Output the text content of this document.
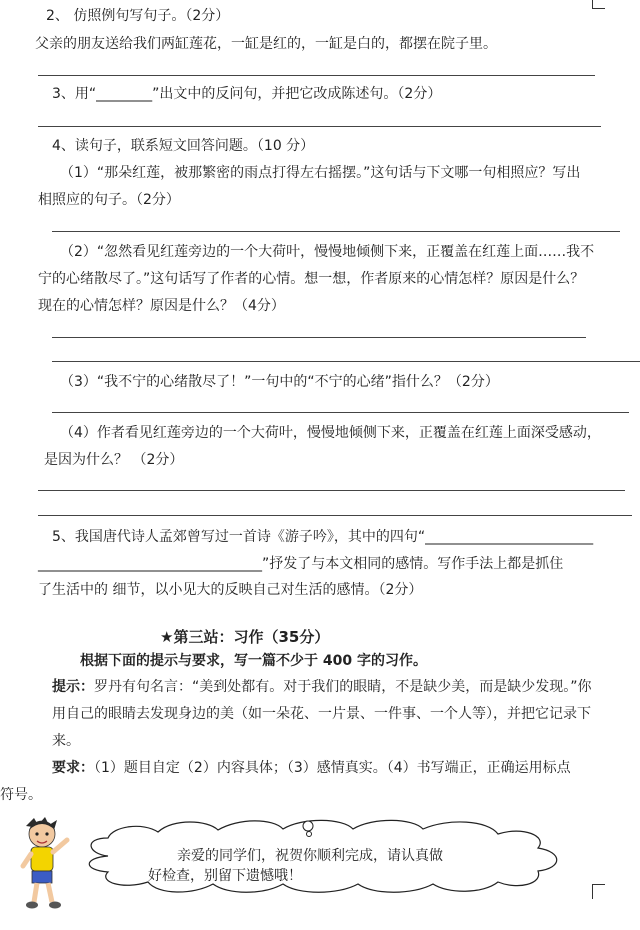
2、 仿照例句写句子。（2分）
父亲的朋友送给我们两缸莲花，一缸是红的，一缸是白的，都摆在院子里。
3、用“________”出文中的反问句，并把它改成陈述句。（2分）
4、读句子，联系短文回答问题。（10 分）
（1）“那朵红莲，被那繁密的雨点打得左右摇摆。”这句话与下文哪一句相照应？写出
相照应的句子。（2分）
（2）“忽然看见红莲旁边的一个大荷叶，慢慢地倾侧下来，正覆盖在红莲上面……我不
宁的心绪散尽了。”这句话写了作者的心情。想一想，作者原来的心情怎样？原因是什么？
现在的心情怎样？原因是什么？（4分）
（3）“我不宁的心绪散尽了！”一句中的“不宁的心绪”指什么？（2分）
（4）作者看见红莲旁边的一个大荷叶，慢慢地倾侧下来，正覆盖在红莲上面深受感动，
是因为什么？ （2分）
5、我国唐代诗人孟郊曾写过一首诗《游子吟》，其中的四句“________________________
________________________________”抒发了与本文相同的感情。写作手法上都是抓住
了生活中的 细节，以小见大的反映自己对生活的感情。（2分）
★第三站：习作（35分）
根据下面的提示与要求，写一篇不少于 400 字的习作。
提示：罗丹有句名言：“美到处都有。对于我们的眼睛，不是缺少美，而是缺少发现。”你
用自己的眼睛去发现身边的美（如一朵花、一片景、一件事、一个人等），并把它记录下
来。
要求：（1）题目自定（2）内容具体；（3）感情真实。（4）书写端正，正确运用标点
符号。
亲爱的同学们，祝贺你顺利完成，请认真做
好检查，别留下遗憾哦！
